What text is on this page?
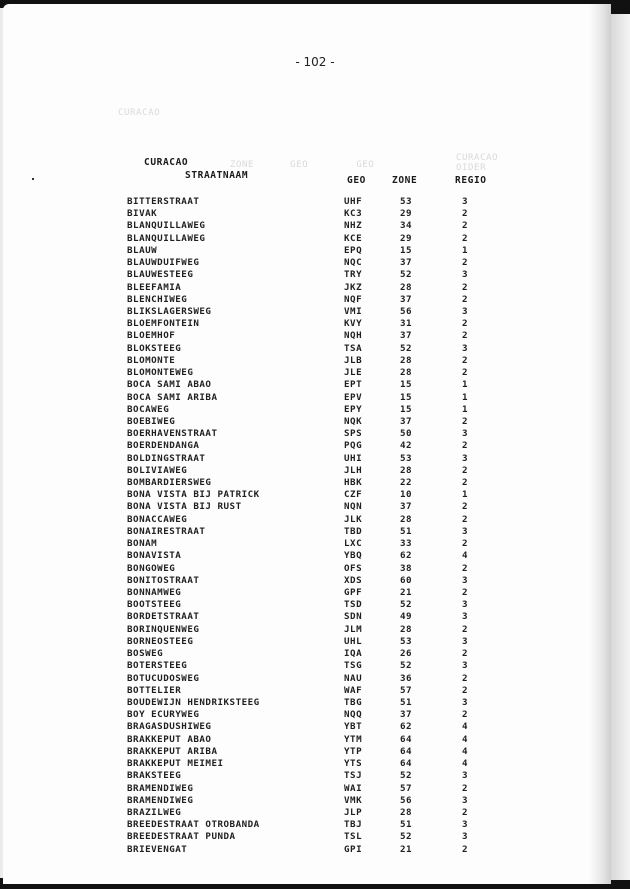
CURACAO
CURACAO
OIDER
ZONE      GEO        GEO
- 102 -
CURACAO
STRAATNAAM	GEO	ZONE	REGIO
BITTERSTRAAT	UHF	53	3
BIVAK	KC3	29	2
BLANQUILLAWEG	NHZ	34	2
BLANQUILLAWEG	KCE	29	2
BLAUW	EPQ	15	1
BLAUWDUIFWEG	NQC	37	2
BLAUWESTEEG	TRY	52	3
BLEEFAMIA	JKZ	28	2
BLENCHIWEG	NQF	37	2
BLIKSLAGERSWEG	VMI	56	3
BLOEMFONTEIN	KVY	31	2
BLOEMHOF	NQH	37	2
BLOKSTEEG	TSA	52	3
BLOMONTE	JLB	28	2
BLOMONTEWEG	JLE	28	2
BOCA SAMI ABAO	EPT	15	1
BOCA SAMI ARIBA	EPV	15	1
BOCAWEG	EPY	15	1
BOEBIWEG	NQK	37	2
BOERHAVENSTRAAT	SPS	50	3
BOERDENDANGA	PQG	42	2
BOLDINGSTRAAT	UHI	53	3
BOLIVIAWEG	JLH	28	2
BOMBARDIERSWEG	HBK	22	2
BONA VISTA BIJ PATRICK	CZF	10	1
BONA VISTA BIJ RUST	NQN	37	2
BONACCAWEG	JLK	28	2
BONAIRESTRAAT	TBD	51	3
BONAM	LXC	33	2
BONAVISTA	YBQ	62	4
BONGOWEG	OFS	38	2
BONITOSTRAAT	XDS	60	3
BONNAMWEG	GPF	21	2
BOOTSTEEG	TSD	52	3
BORDETSTRAAT	SDN	49	3
BORINQUENWEG	JLM	28	2
BORNEOSTEEG	UHL	53	3
BOSWEG	IQA	26	2
BOTERSTEEG	TSG	52	3
BOTUCUDOSWEG	NAU	36	2
BOTTELIER	WAF	57	2
BOUDEWIJN HENDRIKSTEEG	TBG	51	3
BOY ECURYWEG	NQQ	37	2
BRAGASDUSHIWEG	YBT	62	4
BRAKKEPUT ABAO	YTM	64	4
BRAKKEPUT ARIBA	YTP	64	4
BRAKKEPUT MEIMEI	YTS	64	4
BRAKSTEEG	TSJ	52	3
BRAMENDIWEG	WAI	57	2
BRAMENDIWEG	VMK	56	3
BRAZILWEG	JLP	28	2
BREEDESTRAAT OTROBANDA	TBJ	51	3
BREEDESTRAAT PUNDA	TSL	52	3
BRIEVENGAT	GPI	21	2
